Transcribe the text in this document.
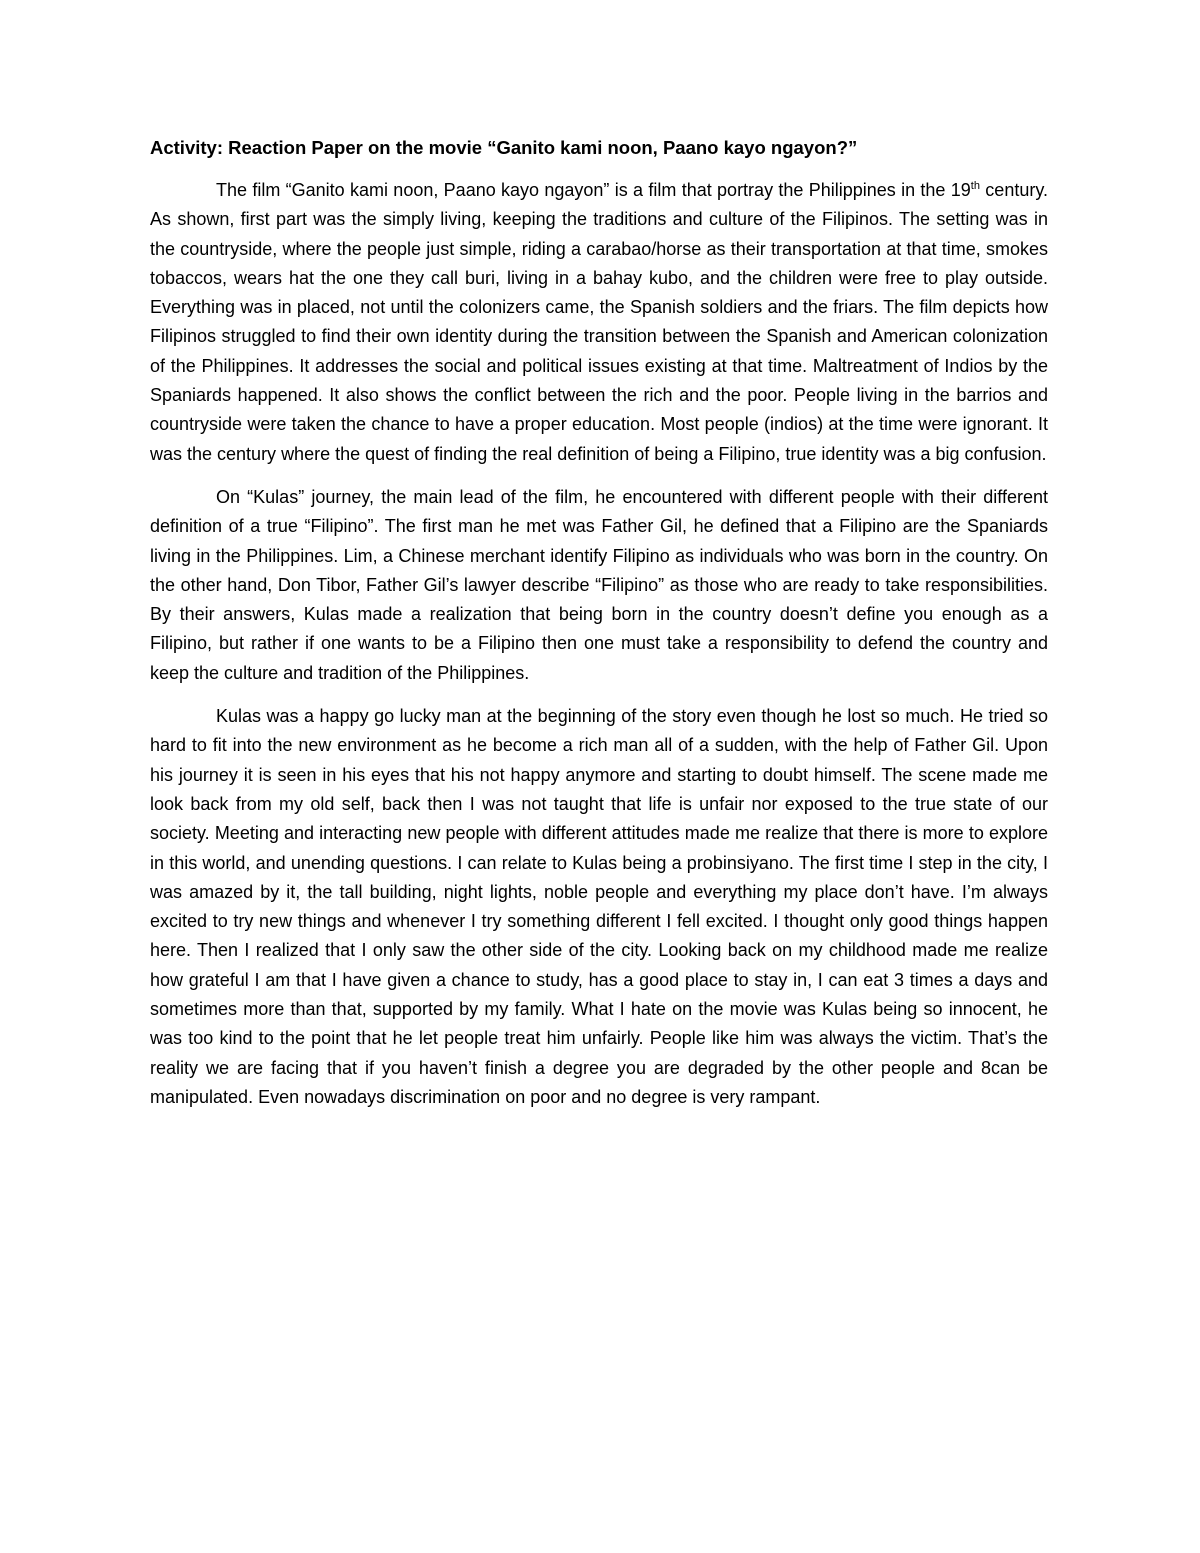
Activity: Reaction Paper on the movie “Ganito kami noon, Paano kayo ngayon?”

The film “Ganito kami noon, Paano kayo ngayon” is a film that portray the Philippines in the 19th century. As shown, first part was the simply living, keeping the traditions and culture of the Filipinos. The setting was in the countryside, where the people just simple, riding a carabao/horse as their transportation at that time, smokes tobaccos, wears hat the one they call buri, living in a bahay kubo, and the children were free to play outside. Everything was in placed, not until the colonizers came, the Spanish soldiers and the friars. The film depicts how Filipinos struggled to find their own identity during the transition between the Spanish and American colonization of the Philippines. It addresses the social and political issues existing at that time. Maltreatment of Indios by the Spaniards happened. It also shows the conflict between the rich and the poor. People living in the barrios and countryside were taken the chance to have a proper education. Most people (indios) at the time were ignorant. It was the century where the quest of finding the real definition of being a Filipino, true identity was a big confusion.

On “Kulas” journey, the main lead of the film, he encountered with different people with their different definition of a true “Filipino”. The first man he met was Father Gil, he defined that a Filipino are the Spaniards living in the Philippines. Lim, a Chinese merchant identify Filipino as individuals who was born in the country. On the other hand, Don Tibor, Father Gil’s lawyer describe “Filipino” as those who are ready to take responsibilities. By their answers, Kulas made a realization that being born in the country doesn’t define you enough as a Filipino, but rather if one wants to be a Filipino then one must take a responsibility to defend the country and keep the culture and tradition of the Philippines.

Kulas was a happy go lucky man at the beginning of the story even though he lost so much. He tried so hard to fit into the new environment as he become a rich man all of a sudden, with the help of Father Gil. Upon his journey it is seen in his eyes that his not happy anymore and starting to doubt himself. The scene made me look back from my old self, back then I was not taught that life is unfair nor exposed to the true state of our society. Meeting and interacting new people with different attitudes made me realize that there is more to explore in this world, and unending questions. I can relate to Kulas being a probinsiyano. The first time I step in the city, I was amazed by it, the tall building, night lights, noble people and everything my place don’t have. I’m always excited to try new things and whenever I try something different I fell excited. I thought only good things happen here. Then I realized that I only saw the other side of the city. Looking back on my childhood made me realize how grateful I am that I have given a chance to study, has a good place to stay in, I can eat 3 times a days and sometimes more than that, supported by my family. What I hate on the movie was Kulas being so innocent, he was too kind to the point that he let people treat him unfairly. People like him was always the victim. That’s the reality we are facing that if you haven’t finish a degree you are degraded by the other people and 8can be manipulated. Even nowadays discrimination on poor and no degree is very rampant.
